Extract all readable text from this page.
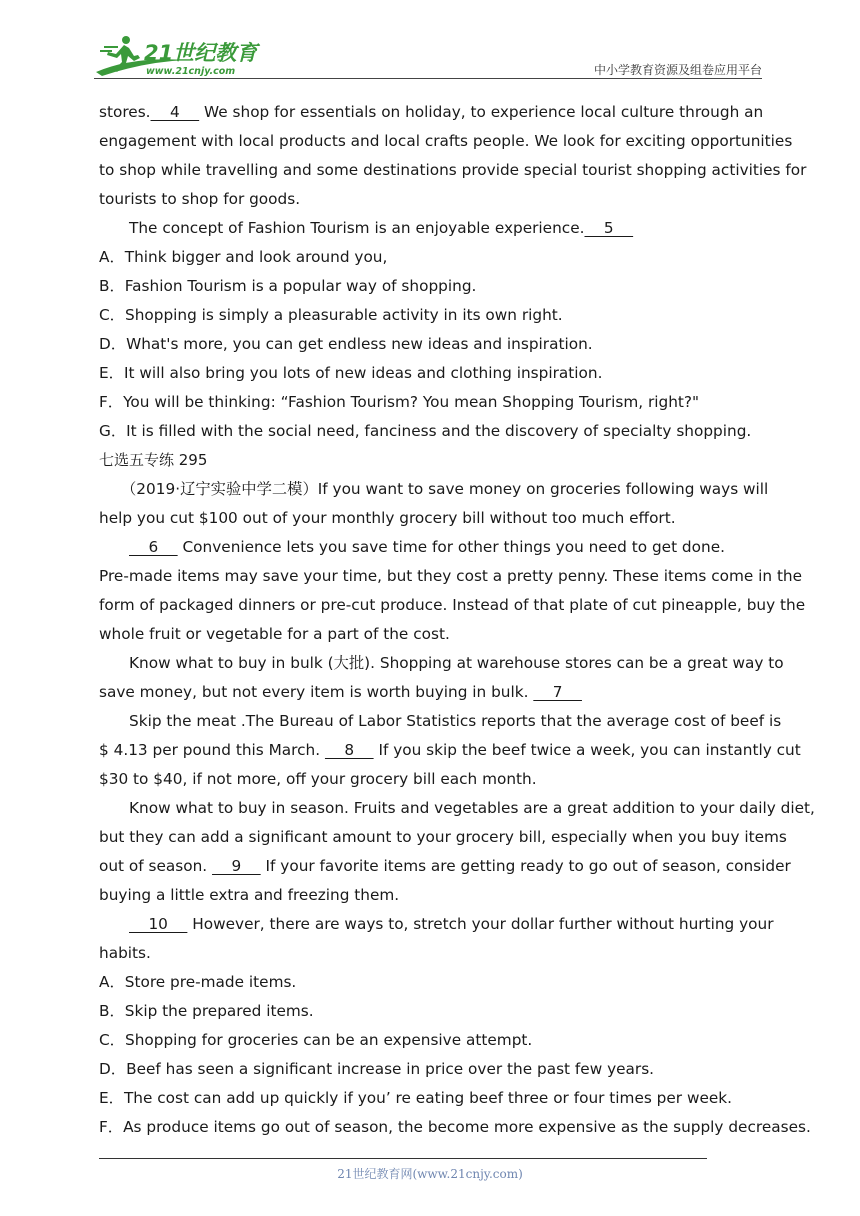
21世纪教育
www.21cnjy.com	中小学教育资源及组卷应用平台
stores.    4     We shop for essentials on holiday, to experience local culture through an
engagement with local products and local crafts people. We look for exciting opportunities
to shop while travelling and some destinations provide special tourist shopping activities for
tourists to shop for goods.
The concept of Fashion Tourism is an enjoyable experience.    5
A．Think bigger and look around you,
B．Fashion Tourism is a popular way of shopping.
C．Shopping is simply a pleasurable activity in its own right.
D．What's more, you can get endless new ideas and inspiration.
E．It will also bring you lots of new ideas and clothing inspiration.
F．You will be thinking: “Fashion Tourism? You mean Shopping Tourism, right?"
G．It is filled with the social need, fanciness and the discovery of specialty shopping.
七选五专练 295
（2019·辽宁实验中学二模）If you want to save money on groceries following ways will
help you cut $100 out of your monthly grocery bill without too much effort.
6     Convenience lets you save time for other things you need to get done.
Pre-made items may save your time, but they cost a pretty penny. These items come in the
form of packaged dinners or pre-cut produce. Instead of that plate of cut pineapple, buy the
whole fruit or vegetable for a part of the cost.
Know what to buy in bulk (大批). Shopping at warehouse stores can be a great way to
save money, but not every item is worth buying in bulk.     7
Skip the meat .The Bureau of Labor Statistics reports that the average cost of beef is
$ 4.13 per pound this March.     8     If you skip the beef twice a week, you can instantly cut
$30 to $40, if not more, off your grocery bill each month.
Know what to buy in season. Fruits and vegetables are a great addition to your daily diet,
but they can add a significant amount to your grocery bill, especially when you buy items
out of season.     9     If your favorite items are getting ready to go out of season, consider
buying a little extra and freezing them.
10     However, there are ways to, stretch your dollar further without hurting your
habits.
A．Store pre-made items.
B．Skip the prepared items.
C．Shopping for groceries can be an expensive attempt.
D．Beef has seen a significant increase in price over the past few years.
E．The cost can add up quickly if you’ re eating beef three or four times per week.
F．As produce items go out of season, the become more expensive as the supply decreases.
21世纪教育网(www.21cnjy.com)
